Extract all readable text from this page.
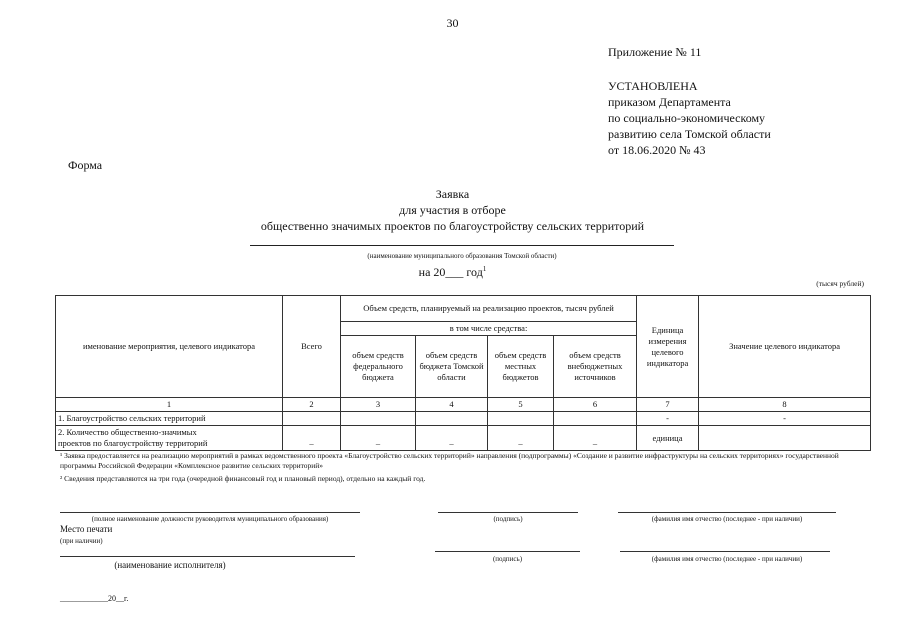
30
Приложение № 11
УСТАНОВЛЕНА
приказом Департамента
по социально-экономическому
развитию села Томской области
от 18.06.2020 № 43
Форма
Заявка
для участия в отборе
общественно значимых проектов по благоустройству сельских территорий
(наименование муниципального образования Томской области)
на 20___ год$^1$
(тысяч рублей)
именование мероприятия, целевого индикатора	Всего	Объем средств, планируемый на реализацию проектов, тысяч рублей				Единица измерения целевого индикатора	Значение целевого индикатора
		в том числе средства:					
		объем средств федерального бюджета	объем средств бюджета Томской области	объем средств местных бюджетов	объем средств внебюджетных источников		
1	2	3	4	5	6	7	8
1. Благоустройство сельских территорий						-	-

2. Количество общественно-значимых
проектов по благоустройству территорий	–	–	–	–	–	единица	
¹ Заявка предоставляется на реализацию мероприятий в рамках ведомственного проекта «Благоустройство сельских территорий» направления (подпрограммы) «Создание и развитие инфраструктуры на сельских территориях» государственной программы Российской Федерации «Комплексное развитие сельских территорий»
² Сведения представляются на три года (очередной финансовый год и плановый период), отдельно на каждый год.
(полное наименование должности руководителя муниципального образования)	(подпись)	(фамилия имя отчество (последнее - при наличии)
Место печати
(при наличии)
(наименование исполнителя)
(подпись)	(фамилия имя отчество (последнее - при наличии)
____________20__г.
